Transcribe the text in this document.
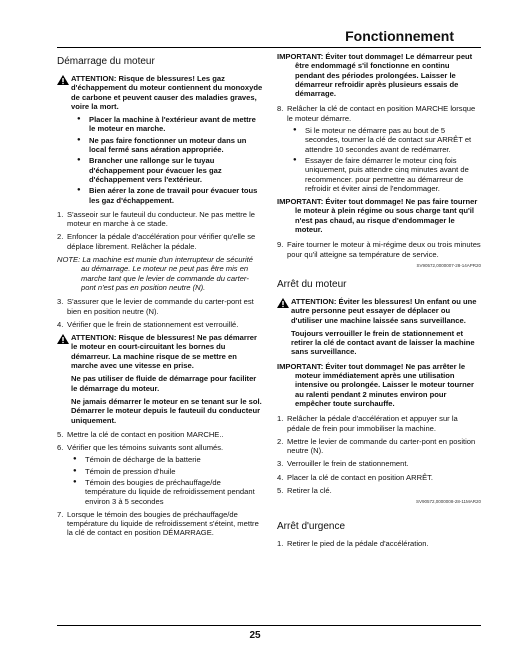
Fonctionnement
Démarrage du moteur

ATTENTION: Risque de blessures! Les gaz d'échappement du moteur contiennent du monoxyde de carbone et peuvent causer des maladies graves, voire la mort.

● Placer la machine à l'extérieur avant de mettre le moteur en marche.
● Ne pas faire fonctionner un moteur dans un local fermé sans aération appropriée.
● Brancher une rallonge sur le tuyau d'échappement pour évacuer les gaz d'échappement vers l'extérieur.
● Bien aérer la zone de travail pour évacuer tous les gaz d'échappement.
1. S'asseoir sur le fauteuil du conducteur. Ne pas mettre le moteur en marche à ce stade.
2. Enfoncer la pédale d'accélération pour vérifier qu'elle se déplace librement. Relâcher la pédale.

NOTE: La machine est munie d'un interrupteur de sécurité au démarrage. Le moteur ne peut pas être mis en marche tant que le levier de commande du carter-pont n'est pas en position neutre (N).

3. S'assurer que le levier de commande du carter-pont est bien en position neutre (N).
4. Vérifier que le frein de stationnement est verrouillé.

ATTENTION: Risque de blessures! Ne pas démarrer le moteur en court-circuitant les bornes du démarreur. La machine risque de se mettre en marche avec une vitesse en prise.

Ne pas utiliser de fluide de démarrage pour faciliter le démarrage du moteur.

Ne jamais démarrer le moteur en se tenant sur le sol. Démarrer le moteur depuis le fauteuil du conducteur uniquement.

5. Mettre la clé de contact en position MARCHE..
6. Vérifier que les témoins suivants sont allumés.
● Témoin de décharge de la batterie
● Témoin de pression d'huile
● Témoin des bougies de préchauffage/de température du liquide de refroidissement pendant environ 3 à 5 secondes
7. Lorsque le témoin des bougies de préchauffage/de température du liquide de refroidissement s'éteint, mettre la clé de contact en position DÉMARRAGE.

IMPORTANT: Éviter tout dommage! Le démarreur peut être endommagé s'il fonctionne en continu pendant des périodes prolongées. Laisser le démarreur refroidir après plusieurs essais de démarrage.

8. Relâcher la clé de contact en position MARCHE lorsque le moteur démarre.
● Si le moteur ne démarre pas au bout de 5 secondes, tourner la clé de contact sur ARRÊT et attendre 10 secondes avant de redémarrer.
● Essayer de faire démarrer le moteur cinq fois uniquement, puis attendre cinq minutes avant de recommencer. pour permettre au démarreur de refroidir et éviter ainsi de l'endommager.

IMPORTANT: Éviter tout dommage! Ne pas faire tourner le moteur à plein régime ou sous charge tant qu'il n'est pas chaud, au risque d'endommager le moteur.

9. Faire tourner le moteur à mi-régime deux ou trois minutes pour qu'il atteigne sa température de service.
SV90572,0000007-28-14APR20
Arrêt du moteur

ATTENTION: Éviter les blessures! Un enfant ou une autre personne peut essayer de déplacer ou d'utiliser une machine laissée sans surveillance.

Toujours verrouiller le frein de stationnement et retirer la clé de contact avant de laisser la machine sans surveillance.

IMPORTANT: Éviter tout dommage! Ne pas arrêter le moteur immédiatement après une utilisation intensive ou prolongée. Laisser le moteur tourner au ralenti pendant 2 minutes environ pour empêcher toute surchauffe.

1. Relâcher la pédale d'accélération et appuyer sur la pédale de frein pour immobiliser la machine.
2. Mettre le levier de commande du carter-pont en position neutre (N).
3. Verrouiller le frein de stationnement.
4. Placer la clé de contact en position ARRÊT.
5. Retirer la clé.
SV90572,0000008-28-11MAR20
Arrêt d'urgence
1. Retirer le pied de la pédale d'accélération.
25
